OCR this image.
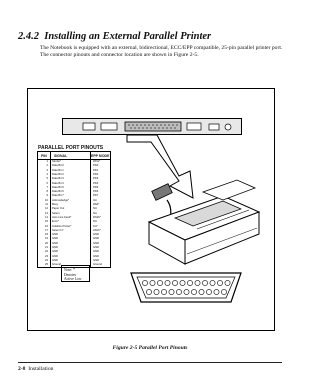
2.4.2 Installing an External Parallel Printer
The Notebook is equipped with an external, bidirectional, ECC/EPP compatible, 25-pin parallel printer port. The connector pinouts and connector location are shown in Figure 2-5.
PARALLEL PORT PINOUTS
PIN SIGNAL	EPP MODE
1 Strobe*	Write*
2 Data Bit 0	PD0
3 Data Bit 1	PD1
4 Data Bit 2	PD2
5 Data Bit 3	PD3
6 Data Bit 4	PD4
7 Data Bit 5	PD5
8 Data Bit 6	PD6
9 Data Bit 7	PD7
10 Acknowledge*	Intr
11 Busy	Wait*
12 Paper Out	NU
13 Select	NU
14 Auto Line Feed*	DStrb*
15 Error*	NU
16 Initialize Printer*	Init*
17 Select In*	AStrb*
18 GND	GND
19 GND	GND
20 GND	GND
21 GND	GND
22 GND	GND
23 GND	GND
24 GND	GND
25 Ground	Ground
Note: * Denotes
Active Low
Figure 2-5 Parallel Port Pinouts
2-8 Installation
